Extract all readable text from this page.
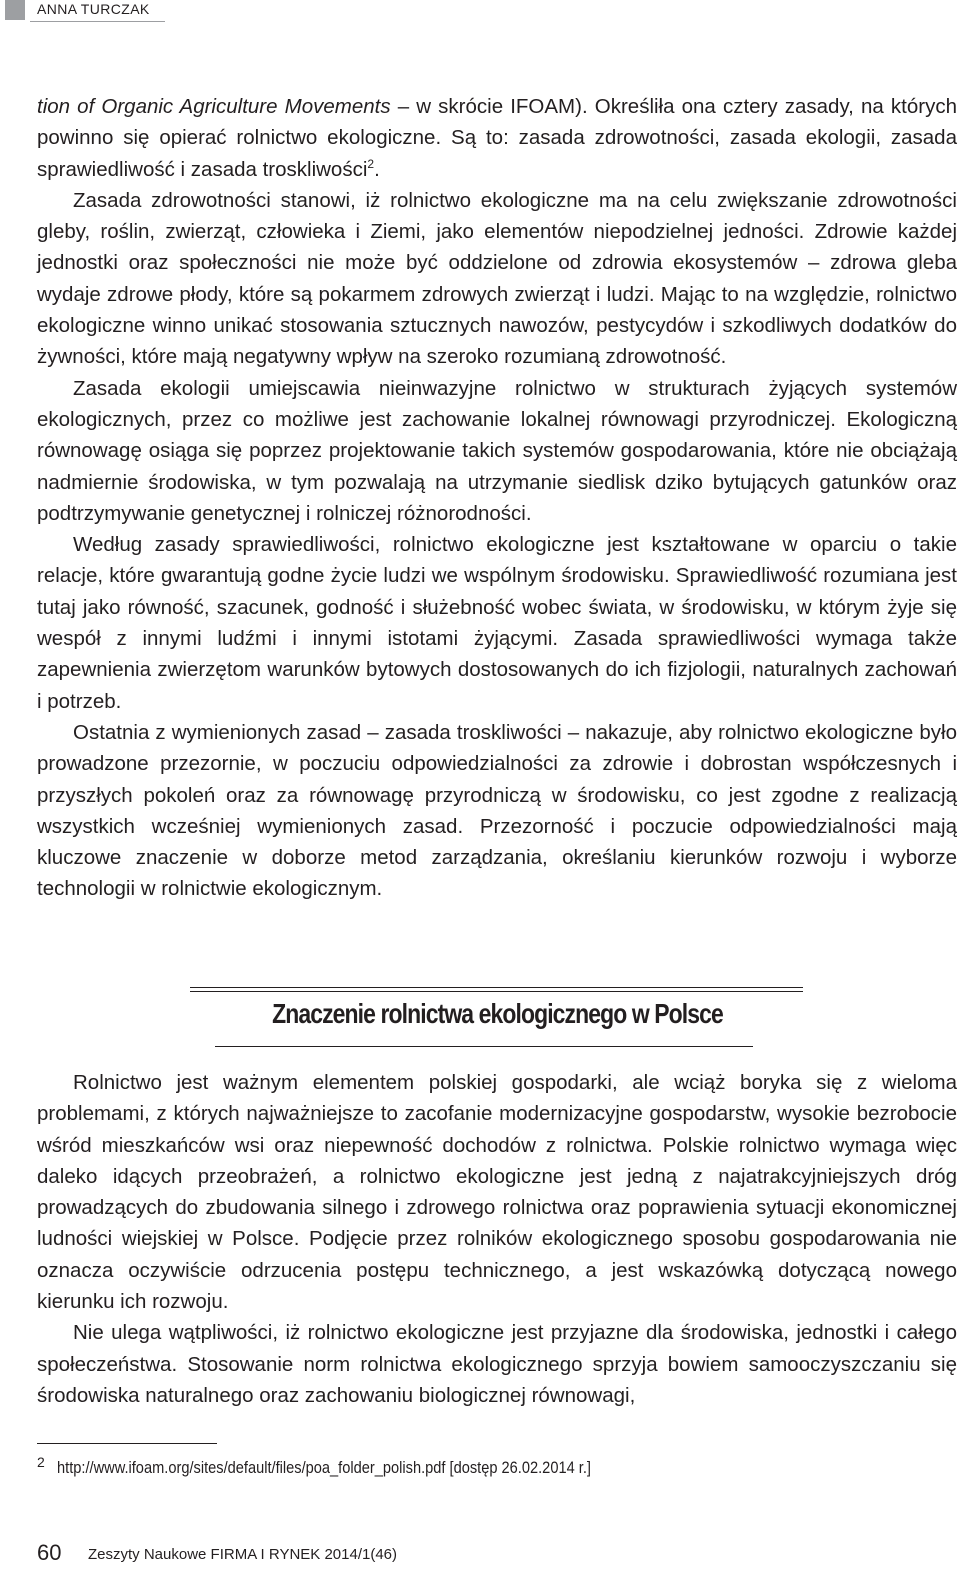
ANNA TURCZAK

tion of Organic Agriculture Movements – w skrócie IFOAM). Określiła ona cztery zasady, na których powinno się opierać rolnictwo ekologiczne. Są to: zasada zdrowotności, zasada ekologii, zasada sprawiedliwość i zasada troskliwości$^2$.

Zasada zdrowotności stanowi, iż rolnictwo ekologiczne ma na celu zwiększanie zdrowotności gleby, roślin, zwierząt, człowieka i Ziemi, jako elementów niepodzielnej jedności. Zdrowie każdej jednostki oraz społeczności nie może być oddzielone od zdrowia ekosystemów – zdrowa gleba wydaje zdrowe płody, które są pokarmem zdrowych zwierząt i ludzi. Mając to na względzie, rolnictwo ekologiczne winno unikać stosowania sztucznych nawozów, pestycydów i szkodliwych dodatków do żywności, które mają negatywny wpływ na szeroko rozumianą zdrowotność.

Zasada ekologii umiejscawia nieinwazyjne rolnictwo w strukturach żyjących systemów ekologicznych, przez co możliwe jest zachowanie lokalnej równowagi przyrodniczej. Ekologiczną równowagę osiąga się poprzez projektowanie takich systemów gospodarowania, które nie obciążają nadmiernie środowiska, w tym pozwalają na utrzymanie siedlisk dziko bytujących gatunków oraz podtrzymywanie genetycznej i rolniczej różnorodności.

Według zasady sprawiedliwości, rolnictwo ekologiczne jest kształtowane w oparciu o takie relacje, które gwarantują godne życie ludzi we wspólnym środowisku. Sprawiedliwość rozumiana jest tutaj jako równość, szacunek, godność i służebność wobec świata, w środowisku, w którym żyje się wespół z innymi ludźmi i innymi istotami żyjącymi. Zasada sprawiedliwości wymaga także zapewnienia zwierzętom warunków bytowych dostosowanych do ich fizjologii, naturalnych zachowań i potrzeb.

Ostatnia z wymienionych zasad – zasada troskliwości – nakazuje, aby rolnictwo ekologiczne było prowadzone przezornie, w poczuciu odpowiedzialności za zdrowie i dobrostan współczesnych i przyszłych pokoleń oraz za równowagę przyrodniczą w środowisku, co jest zgodne z realizacją wszystkich wcześniej wymienionych zasad. Przezorność i poczucie odpowiedzialności mają kluczowe znaczenie w doborze metod zarządzania, określaniu kierunków rozwoju i wyborze technologii w rolnictwie ekologicznym.

Znaczenie rolnictwa ekologicznego w Polsce

Rolnictwo jest ważnym elementem polskiej gospodarki, ale wciąż boryka się z wieloma problemami, z których najważniejsze to zacofanie modernizacyjne gospodarstw, wysokie bezrobocie wśród mieszkańców wsi oraz niepewność dochodów z rolnictwa. Polskie rolnictwo wymaga więc daleko idących przeobrażeń, a rolnictwo ekologiczne jest jedną z najatrakcyjniejszych dróg prowadzących do zbudowania silnego i zdrowego rolnictwa oraz poprawienia sytuacji ekonomicznej ludności wiejskiej w Polsce. Podjęcie przez rolników ekologicznego sposobu gospodarowania nie oznacza oczywiście odrzucenia postępu technicznego, a jest wskazówką dotyczącą nowego kierunku ich rozwoju.

Nie ulega wątpliwości, iż rolnictwo ekologiczne jest przyjazne dla środowiska, jednostki i całego społeczeństwa. Stosowanie norm rolnictwa ekologicznego sprzyja bowiem samooczyszczaniu się środowiska naturalnego oraz zachowaniu biologicznej równowagi,

2 http://www.ifoam.org/sites/default/files/poa_folder_polish.pdf [dostęp 26.02.2014 r.]
60 Zeszyty Naukowe FIRMA I RYNEK 2014/1(46)
